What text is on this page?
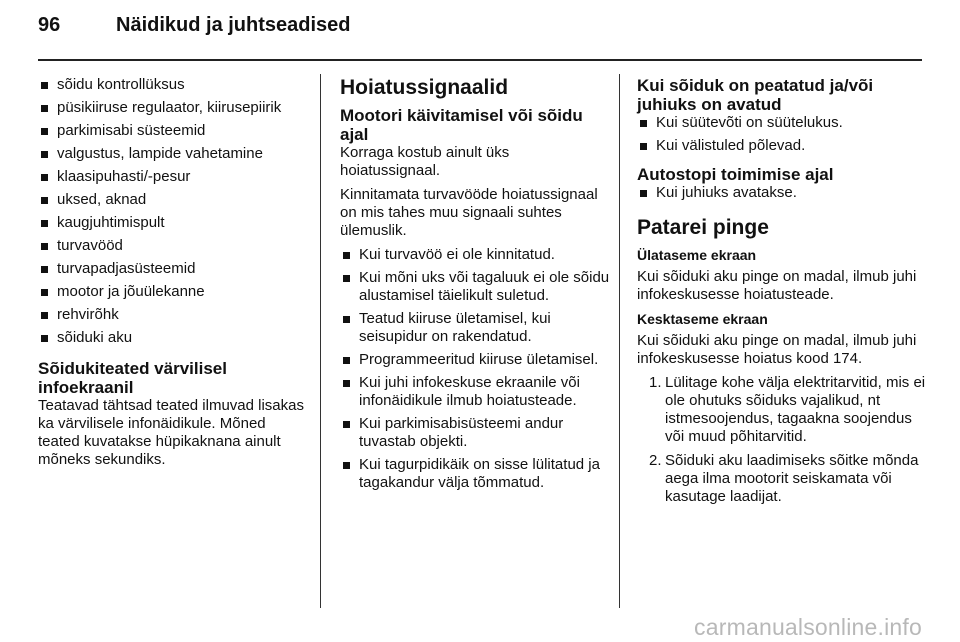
96	Näidikud ja juhtseadised
sõidu kontrollüksus
püsikiiruse regulaator, kiirusepiirik
parkimisabi süsteemid
valgustus, lampide vahetamine
klaasipuhasti/-pesur
uksed, aknad
kaugjuhtimispult
turvavööd
turvapadjasüsteemid
mootor ja jõuülekanne
rehvirõhk
sõiduki aku
Sõidukiteated värvilisel infoekraanil
Teatavad tähtsad teated ilmuvad lisakas ka värvilisele infonäidikule. Mõned teated kuvatakse hüpikaknana ainult mõneks sekundiks.
Hoiatussignaalid
Mootori käivitamisel või sõidu ajal
Korraga kostub ainult üks hoiatussignaal.
Kinnitamata turvavööde hoiatussignaal on mis tahes muu signaali suhtes ülemuslik.
Kui turvavöö ei ole kinnitatud.
Kui mõni uks või tagaluuk ei ole sõidu alustamisel täielikult suletud.
Teatud kiiruse ületamisel, kui seisupidur on rakendatud.
Programmeeritud kiiruse ületamisel.
Kui juhi infokeskuse ekraanile või infonäidikule ilmub hoiatusteade.
Kui parkimisabisüsteemi andur tuvastab objekti.
Kui tagurpidikäik on sisse lülitatud ja tagakandur välja tõmmatud.
Kui sõiduk on peatatud ja/või juhiuks on avatud
Kui süütevõti on süütelukus.
Kui välistuled põlevad.
Autostopi toimimise ajal
Kui juhiuks avatakse.
Patarei pinge
Ülataseme ekraan
Kui sõiduki aku pinge on madal, ilmub juhi infokeskusesse hoiatusteade.
Kesktaseme ekraan
Kui sõiduki aku pinge on madal, ilmub juhi infokeskusesse hoiatus kood 174.
1. Lülitage kohe välja elektritarvitid, mis ei ole ohutuks sõiduks vajalikud, nt istmesoojendus, tagaakna soojendus või muud põhitarvitid.
2. Sõiduki aku laadimiseks sõitke mõnda aega ilma mootorit seiskamata või kasutage laadijat.
carmanualsonline.info
